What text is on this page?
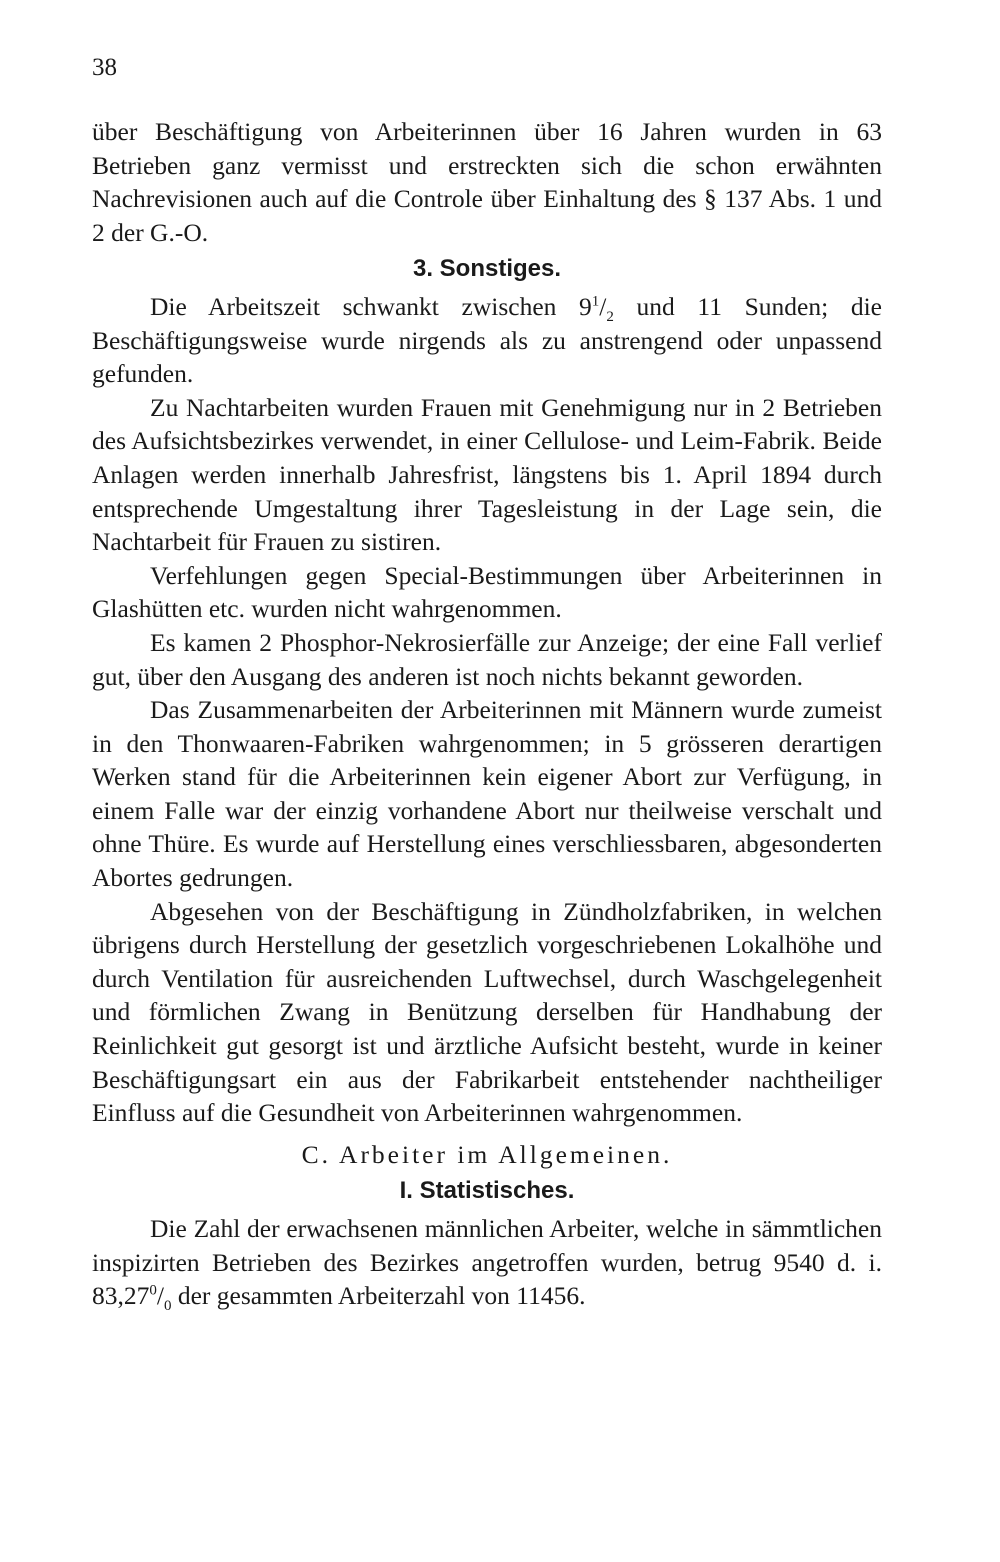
38

über Beschäftigung von Arbeiterinnen über 16 Jahren wurden in 63 Betrieben ganz vermisst und erstreckten sich die schon erwähnten Nachrevisionen auch auf die Controle über Einhaltung des § 137 Abs. 1 und 2 der G.-O.

3. Sonstiges.

Die Arbeitszeit schwankt zwischen $9^1/_2$ und 11 Sunden; die Beschäftigungsweise wurde nirgends als zu anstrengend oder unpassend gefunden.

Zu Nachtarbeiten wurden Frauen mit Genehmigung nur in 2 Betrieben des Aufsichtsbezirkes verwendet, in einer Cellulose- und Leim-Fabrik. Beide Anlagen werden innerhalb Jahresfrist, längstens bis 1. April 1894 durch entsprechende Umgestaltung ihrer Tagesleistung in der Lage sein, die Nachtarbeit für Frauen zu sistiren.

Verfehlungen gegen Special-Bestimmungen über Arbeiterinnen in Glashütten etc. wurden nicht wahrgenommen.

Es kamen 2 Phosphor-Nekrosierfälle zur Anzeige; der eine Fall verlief gut, über den Ausgang des anderen ist noch nichts bekannt geworden.

Das Zusammenarbeiten der Arbeiterinnen mit Männern wurde zumeist in den Thonwaaren-Fabriken wahrgenommen; in 5 grösseren derartigen Werken stand für die Arbeiterinnen kein eigener Abort zur Verfügung, in einem Falle war der einzig vorhandene Abort nur theilweise verschalt und ohne Thüre. Es wurde auf Herstellung eines verschliessbaren, abgesonderten Abortes gedrungen.

Abgesehen von der Beschäftigung in Zündholzfabriken, in welchen übrigens durch Herstellung der gesetzlich vorgeschriebenen Lokalhöhe und durch Ventilation für ausreichenden Luftwechsel, durch Waschgelegenheit und förmlichen Zwang in Benützung derselben für Handhabung der Reinlichkeit gut gesorgt ist und ärztliche Aufsicht besteht, wurde in keiner Beschäftigungsart ein aus der Fabrikarbeit entstehender nachtheiliger Einfluss auf die Gesundheit von Arbeiterinnen wahrgenommen.

C. Arbeiter im Allgemeinen.
I. Statistisches.

Die Zahl der erwachsenen männlichen Arbeiter, welche in sämmtlichen inspizirten Betrieben des Bezirkes angetroffen wurden, betrug 9540 d. i. $83,27^0/_0$ der gesammten Arbeiterzahl von 11456.
